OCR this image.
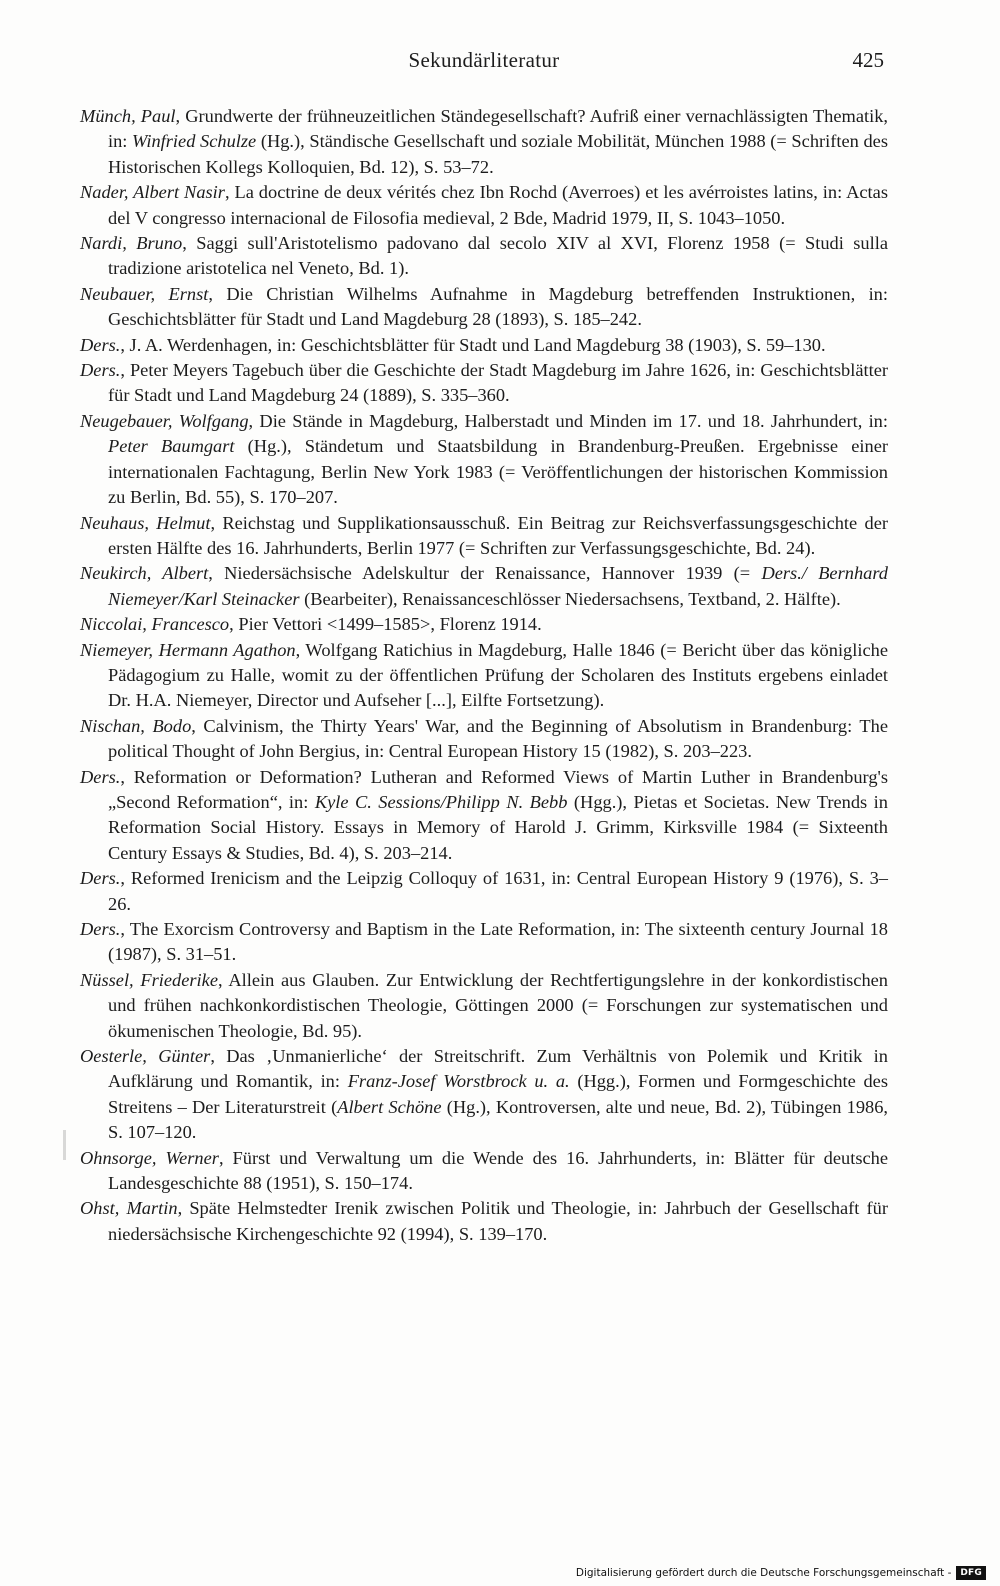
Sekundärliteratur	425

Münch, Paul, Grundwerte der frühneuzeitlichen Ständegesellschaft? Aufriß einer vernachlässigten Thematik, in: Winfried Schulze (Hg.), Ständische Gesellschaft und soziale Mobilität, München 1988 (= Schriften des Historischen Kollegs Kolloquien, Bd. 12), S. 53–72.

Nader, Albert Nasir, La doctrine de deux vérités chez Ibn Rochd (Averroes) et les avérroistes latins, in: Actas del V congresso internacional de Filosofia medieval, 2 Bde, Madrid 1979, II, S. 1043–1050.

Nardi, Bruno, Saggi sull'Aristotelismo padovano dal secolo XIV al XVI, Florenz 1958 (= Studi sulla tradizione aristotelica nel Veneto, Bd. 1).

Neubauer, Ernst, Die Christian Wilhelms Aufnahme in Magdeburg betreffenden Instruktionen, in: Geschichtsblätter für Stadt und Land Magdeburg 28 (1893), S. 185–242.

Ders., J. A. Werdenhagen, in: Geschichtsblätter für Stadt und Land Magdeburg 38 (1903), S. 59–130.

Ders., Peter Meyers Tagebuch über die Geschichte der Stadt Magdeburg im Jahre 1626, in: Geschichtsblätter für Stadt und Land Magdeburg 24 (1889), S. 335–360.

Neugebauer, Wolfgang, Die Stände in Magdeburg, Halberstadt und Minden im 17. und 18. Jahrhundert, in: Peter Baumgart (Hg.), Ständetum und Staatsbildung in Brandenburg-Preußen. Ergebnisse einer internationalen Fachtagung, Berlin New York 1983 (= Veröffentlichungen der historischen Kommission zu Berlin, Bd. 55), S. 170–207.

Neuhaus, Helmut, Reichstag und Supplikationsausschuß. Ein Beitrag zur Reichsverfassungsgeschichte der ersten Hälfte des 16. Jahrhunderts, Berlin 1977 (= Schriften zur Verfassungsgeschichte, Bd. 24).

Neukirch, Albert, Niedersächsische Adelskultur der Renaissance, Hannover 1939 (= Ders./ Bernhard Niemeyer/Karl Steinacker (Bearbeiter), Renaissanceschlösser Niedersachsens, Textband, 2. Hälfte).

Niccolai, Francesco, Pier Vettori <1499–1585>, Florenz 1914.

Niemeyer, Hermann Agathon, Wolfgang Ratichius in Magdeburg, Halle 1846 (= Bericht über das königliche Pädagogium zu Halle, womit zu der öffentlichen Prüfung der Scholaren des Instituts ergebens einladet Dr. H.A. Niemeyer, Director und Aufseher [...], Eilfte Fortsetzung).

Nischan, Bodo, Calvinism, the Thirty Years' War, and the Beginning of Absolutism in Brandenburg: The political Thought of John Bergius, in: Central European History 15 (1982), S. 203–223.

Ders., Reformation or Deformation? Lutheran and Reformed Views of Martin Luther in Brandenburg's „Second Reformation“, in: Kyle C. Sessions/Philipp N. Bebb (Hgg.), Pietas et Societas. New Trends in Reformation Social History. Essays in Memory of Harold J. Grimm, Kirksville 1984 (= Sixteenth Century Essays & Studies, Bd. 4), S. 203–214.

Ders., Reformed Irenicism and the Leipzig Colloquy of 1631, in: Central European History 9 (1976), S. 3–26.

Ders., The Exorcism Controversy and Baptism in the Late Reformation, in: The sixteenth century Journal 18 (1987), S. 31–51.

Nüssel, Friederike, Allein aus Glauben. Zur Entwicklung der Rechtfertigungslehre in der konkordistischen und frühen nachkonkordistischen Theologie, Göttingen 2000 (= Forschungen zur systematischen und ökumenischen Theologie, Bd. 95).

Oesterle, Günter, Das ‚Unmanierliche‘ der Streitschrift. Zum Verhältnis von Polemik und Kritik in Aufklärung und Romantik, in: Franz-Josef Worstbrock u. a. (Hgg.), Formen und Formgeschichte des Streitens – Der Literaturstreit (Albert Schöne (Hg.), Kontroversen, alte und neue, Bd. 2), Tübingen 1986, S. 107–120.

Ohnsorge, Werner, Fürst und Verwaltung um die Wende des 16. Jahrhunderts, in: Blätter für deutsche Landesgeschichte 88 (1951), S. 150–174.

Ohst, Martin, Späte Helmstedter Irenik zwischen Politik und Theologie, in: Jahrbuch der Gesellschaft für niedersächsische Kirchengeschichte 92 (1994), S. 139–170.

Digitalisierung gefördert durch die Deutsche Forschungsgemeinschaft -	DFG
